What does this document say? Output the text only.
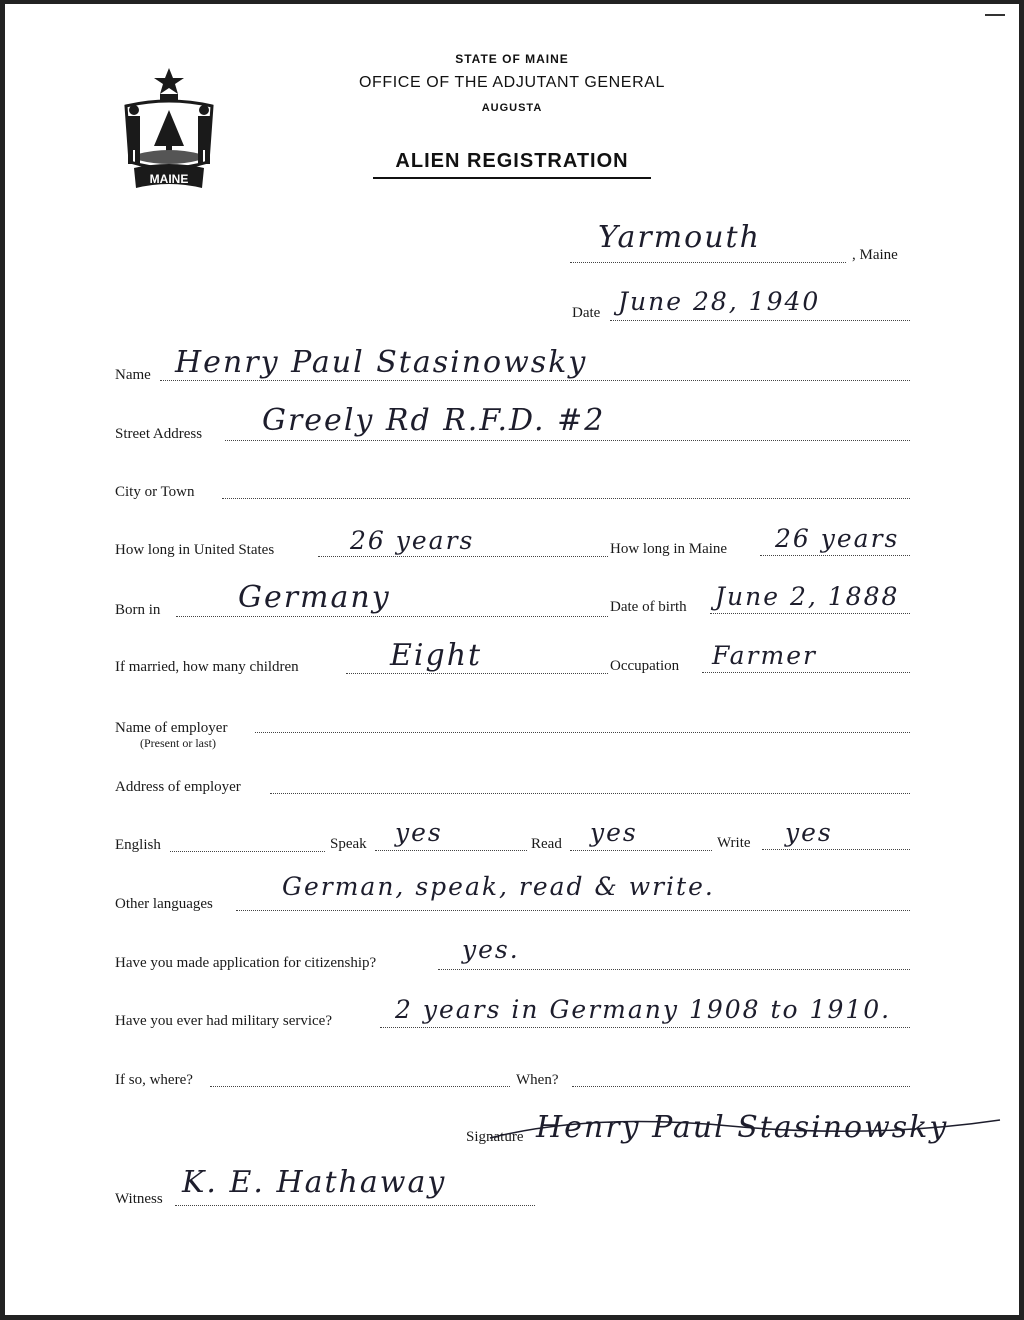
MAINE
STATE OF MAINE
OFFICE OF THE ADJUTANT GENERAL
AUGUSTA
ALIEN REGISTRATION
Yarmouth	, Maine
Date June 28, 1940
Name Henry Paul Stasinowsky
Street Address Greely Rd R.F.D. #2
City or Town
How long in United States	26 years	How long in Maine 26 years
Born in	Germany	Date of birth June 2, 1888
If married, how many children	Eight	Occupation Farmer
Name of employer
(Present or last)
Address of employer
English	Speak yes	Read yes	Write yes
Other languages
German, speak, read & write.
Have you made application for citizenship?	yes.
Have you ever had military service?	2 years in Germany 1908 to 1910.
If so, where?	When?
Signature Henry Paul Stasinowsky
Witness K. E. Hathaway
